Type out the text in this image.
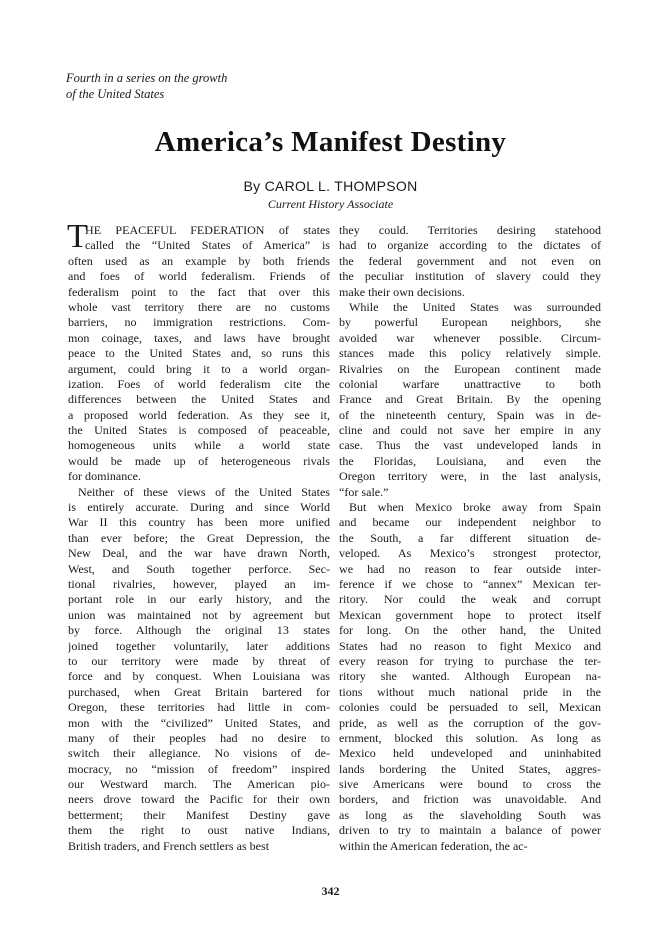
Fourth in a series on the growth
of the United States
America’s Manifest Destiny
By CAROL L. THOMPSON
Current History Associate
T
HE PEACEFUL FEDERATION of states
called the “United States of America” is
often used as an example by both friends
and foes of world federalism. Friends of
federalism point to the fact that over this
whole vast territory there are no customs
barriers, no immigration restrictions. Com-
mon coinage, taxes, and laws have brought
peace to the United States and, so runs this
argument, could bring it to a world organ-
ization. Foes of world federalism cite the
differences between the United States and
a proposed world federation. As they see it,
the United States is composed of peaceable,
homogeneous units while a world state
would be made up of heterogeneous rivals
for dominance.
Neither of these views of the United States
is entirely accurate. During and since World
War II this country has been more unified
than ever before; the Great Depression, the
New Deal, and the war have drawn North,
West, and South together perforce. Sec-
tional rivalries, however, played an im-
portant role in our early history, and the
union was maintained not by agreement but
by force. Although the original 13 states
joined together voluntarily, later additions
to our territory were made by threat of
force and by conquest. When Louisiana was
purchased, when Great Britain bartered for
Oregon, these territories had little in com-
mon with the “civilized” United States, and
many of their peoples had no desire to
switch their allegiance. No visions of de-
mocracy, no “mission of freedom” inspired
our Westward march. The American pio-
neers drove toward the Pacific for their own
betterment; their Manifest Destiny gave
them the right to oust native Indians,
British traders, and French settlers as best
they could. Territories desiring statehood
had to organize according to the dictates of
the federal government and not even on
the peculiar institution of slavery could they
make their own decisions.
While the United States was surrounded
by powerful European neighbors, she
avoided war whenever possible. Circum-
stances made this policy relatively simple.
Rivalries on the European continent made
colonial warfare unattractive to both
France and Great Britain. By the opening
of the nineteenth century, Spain was in de-
cline and could not save her empire in any
case. Thus the vast undeveloped lands in
the Floridas, Louisiana, and even the
Oregon territory were, in the last analysis,
“for sale.”
But when Mexico broke away from Spain
and became our independent neighbor to
the South, a far different situation de-
veloped. As Mexico’s strongest protector,
we had no reason to fear outside inter-
ference if we chose to “annex” Mexican ter-
ritory. Nor could the weak and corrupt
Mexican government hope to protect itself
for long. On the other hand, the United
States had no reason to fight Mexico and
every reason for trying to purchase the ter-
ritory she wanted. Although European na-
tions without much national pride in the
colonies could be persuaded to sell, Mexican
pride, as well as the corruption of the gov-
ernment, blocked this solution. As long as
Mexico held undeveloped and uninhabited
lands bordering the United States, aggres-
sive Americans were bound to cross the
borders, and friction was unavoidable. And
as long as the slaveholding South was
driven to try to maintain a balance of power
within the American federation, the ac-
342
